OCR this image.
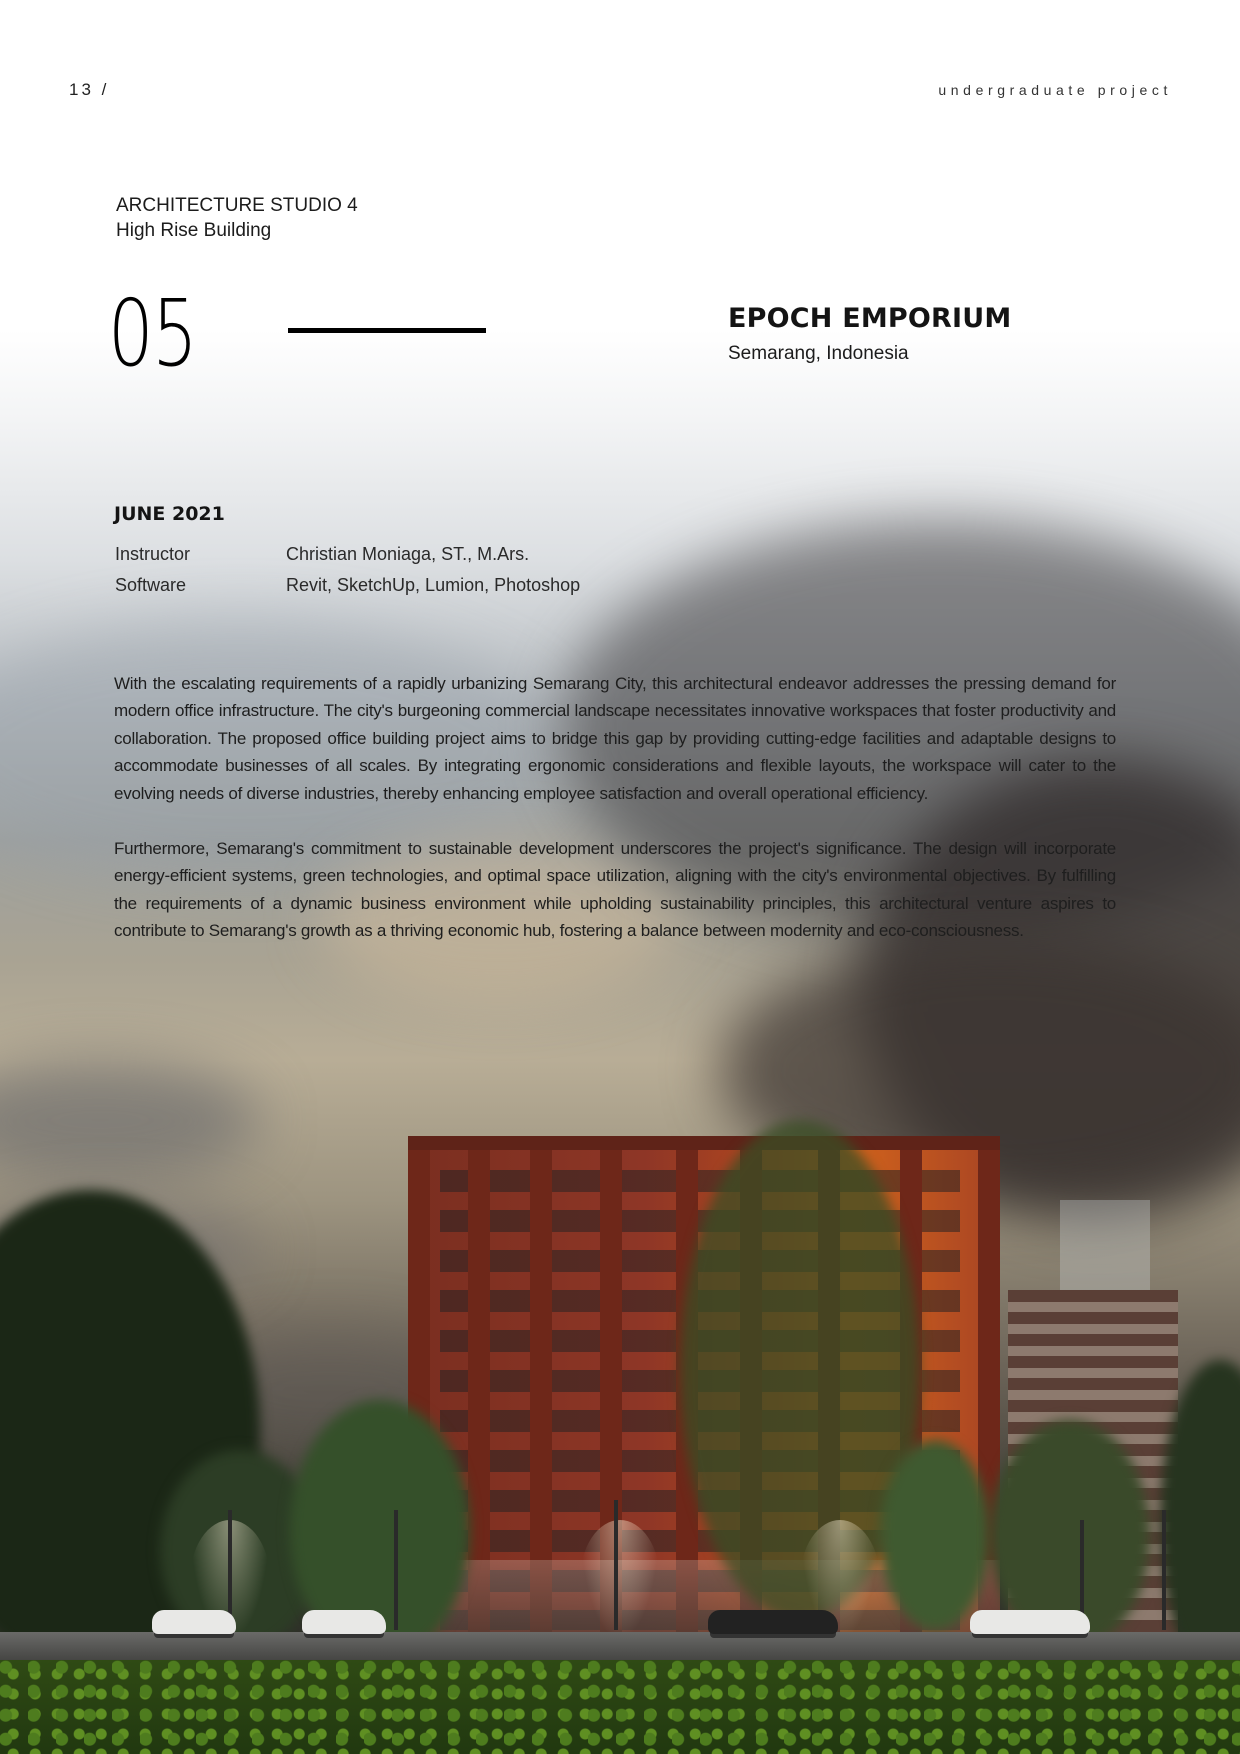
13 /	undergraduate project
ARCHITECTURE STUDIO 4
High Rise Building
05	EPOCH EMPORIUM
Semarang, Indonesia
JUNE 2021
Instructor	Christian Moniaga, ST., M.Ars.
Software	Revit, SketchUp, Lumion, Photoshop

With the escalating requirements of a rapidly urbanizing Semarang City, this architectural endeavor addresses the pressing demand for modern office infrastructure. The city's burgeoning commercial landscape necessitates innovative workspaces that foster productivity and collaboration. The proposed office building project aims to bridge this gap by providing cutting-edge facilities and adaptable designs to accommodate businesses of all scales. By integrating ergonomic considerations and flexible layouts, the workspace will cater to the evolving needs of diverse industries, thereby enhancing employee satisfaction and overall operational efficiency.

Furthermore, Semarang's commitment to sustainable development underscores the project's significance. The design will incorporate energy-efficient systems, green technologies, and optimal space utilization, aligning with the city's environmental objectives. By fulfilling the requirements of a dynamic business environment while upholding sustainability principles, this architectural venture aspires to contribute to Semarang's growth as a thriving economic hub, fostering a balance between modernity and eco-consciousness.
